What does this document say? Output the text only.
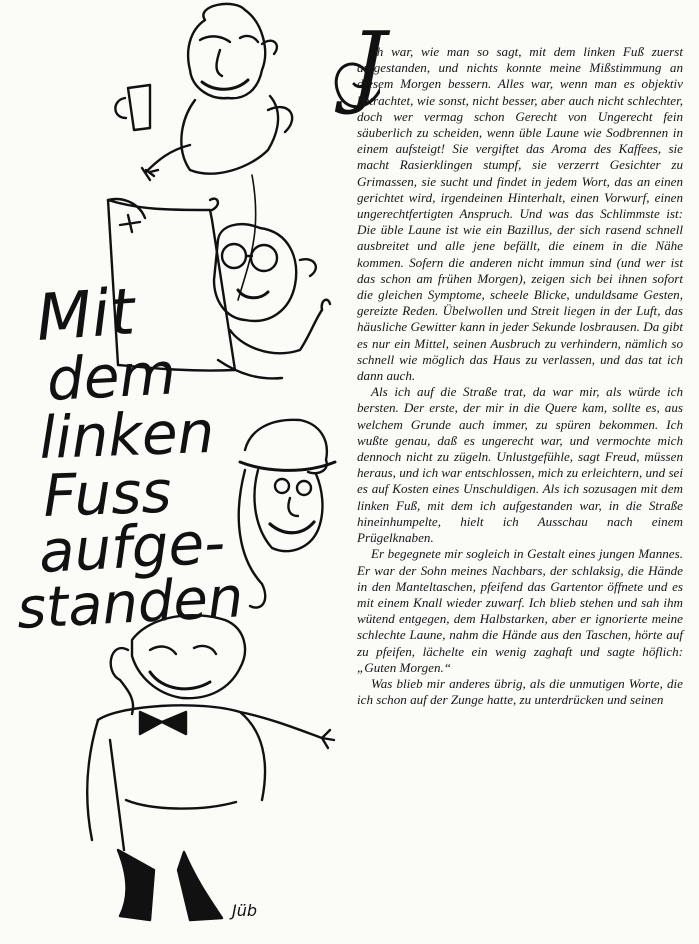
Mit
dem
linken
Fuss
aufge-
standen
Jüb
J

ch war, wie man so sagt, mit dem linken Fuß zuerst aufgestanden, und nichts konnte meine Mißstimmung an diesem Morgen bessern. Alles war, wenn man es objektiv betrachtet, wie sonst, nicht besser, aber auch nicht schlechter, doch wer vermag schon Gerecht von Ungerecht fein säuberlich zu scheiden, wenn üble Laune wie Sodbrennen in einem aufsteigt! Sie vergiftet das Aroma des Kaffees, sie macht Rasierklingen stumpf, sie verzerrt Gesichter zu Grimassen, sie sucht und findet in jedem Wort, das an einen gerichtet wird, irgendeinen Hinterhalt, einen Vorwurf, einen ungerechtfertigten Anspruch. Und was das Schlimmste ist: Die üble Laune ist wie ein Bazillus, der sich rasend schnell ausbreitet und alle jene befällt, die einem in die Nähe kommen. Sofern die anderen nicht immun sind (und wer ist das schon am frühen Morgen), zeigen sich bei ihnen sofort die gleichen Symptome, scheele Blicke, unduldsame Gesten, gereizte Reden. Übelwollen und Streit liegen in der Luft, das häusliche Gewitter kann in jeder Sekunde losbrausen. Da gibt es nur ein Mittel, seinen Ausbruch zu verhindern, nämlich so schnell wie möglich das Haus zu verlassen, und das tat ich dann auch.

Als ich auf die Straße trat, da war mir, als würde ich bersten. Der erste, der mir in die Quere kam, sollte es, aus welchem Grunde auch immer, zu spüren bekommen. Ich wußte genau, daß es ungerecht war, und vermochte mich dennoch nicht zu zügeln. Unlustgefühle, sagt Freud, müssen heraus, und ich war entschlossen, mich zu erleichtern, und sei es auf Kosten eines Unschuldigen. Als ich sozusagen mit dem linken Fuß, mit dem ich aufgestanden war, in die Straße hineinhumpelte, hielt ich Ausschau nach einem Prügelknaben.

Er begegnete mir sogleich in Gestalt eines jungen Mannes. Er war der Sohn meines Nachbars, der schlaksig, die Hände in den Manteltaschen, pfeifend das Gartentor öffnete und es mit einem Knall wieder zuwarf. Ich blieb stehen und sah ihm wütend entgegen, dem Halbstarken, aber er ignorierte meine schlechte Laune, nahm die Hände aus den Taschen, hörte auf zu pfeifen, lächelte ein wenig zaghaft und sagte höflich: „Guten Morgen.“

Was blieb mir anderes übrig, als die unmutigen Worte, die ich schon auf der Zunge hatte, zu unterdrücken und seinen
